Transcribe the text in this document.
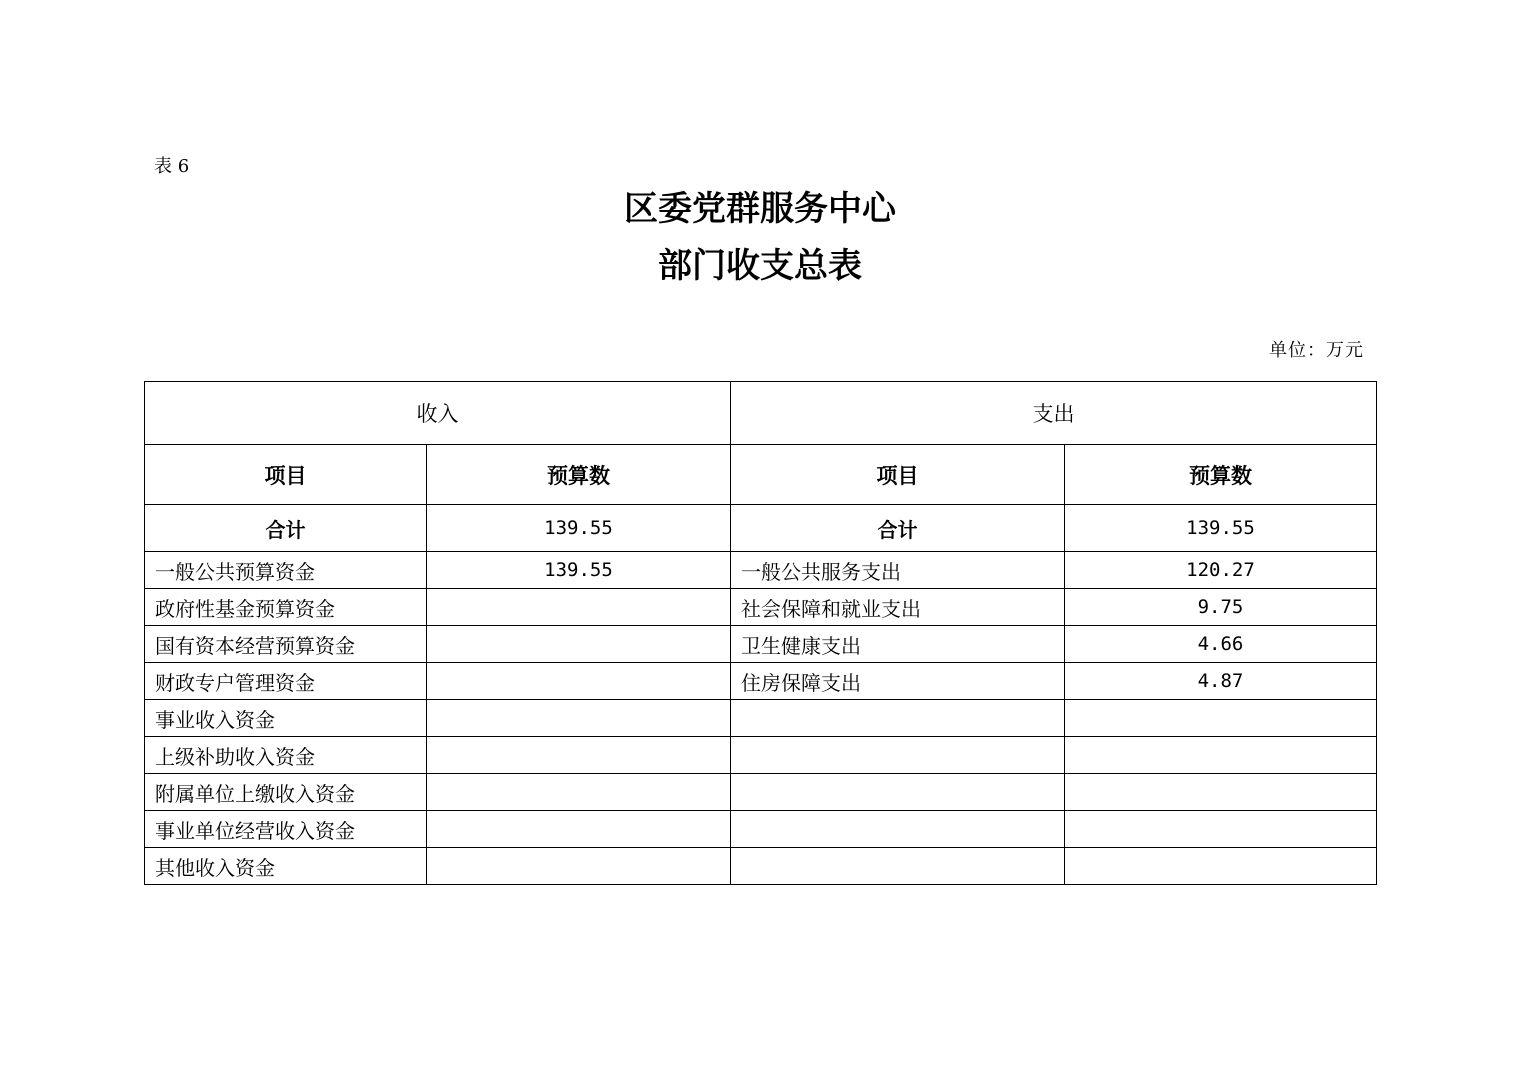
表 6
区委党群服务中心
部门收支总表
单位：万元
收入		支出	
项目	预算数	项目	预算数
合计	139.55	合计	139.55
一般公共预算资金	139.55	一般公共服务支出	120.27
政府性基金预算资金		社会保障和就业支出	9.75
国有资本经营预算资金		卫生健康支出	4.66
财政专户管理资金		住房保障支出	4.87
事业收入资金			
上级补助收入资金			
附属单位上缴收入资金			
事业单位经营收入资金			
其他收入资金			
